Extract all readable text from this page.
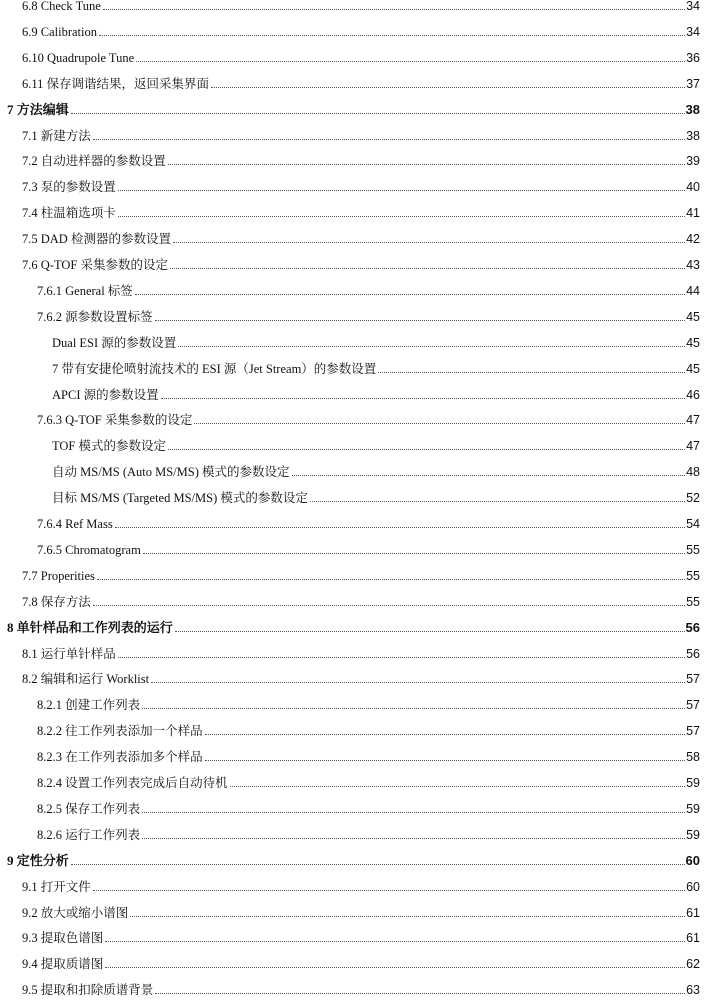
6.8 Check Tune	34
6.9 Calibration	34
6.10 Quadrupole Tune	36
6.11 保存调谐结果，返回采集界面	37
7 方法编辑	38
7.1 新建方法	38
7.2 自动进样器的参数设置	39
7.3 泵的参数设置	40
7.4 柱温箱选项卡	41
7.5 DAD 检测器的参数设置	42
7.6 Q-TOF 采集参数的设定	43
7.6.1 General 标签	44
7.6.2 源参数设置标签	45
Dual ESI 源的参数设置	45
7 带有安捷伦喷射流技术的 ESI 源（Jet Stream）的参数设置	45
APCI 源的参数设置	46
7.6.3 Q-TOF 采集参数的设定	47
TOF 模式的参数设定	47
自动 MS/MS (Auto MS/MS) 模式的参数设定	48
目标 MS/MS (Targeted MS/MS) 模式的参数设定	52
7.6.4 Ref Mass	54
7.6.5 Chromatogram	55
7.7 Properities	55
7.8 保存方法	55
8 单针样品和工作列表的运行	56
8.1 运行单针样品	56
8.2 编辑和运行 Worklist	57
8.2.1 创建工作列表	57
8.2.2 往工作列表添加一个样品	57
8.2.3 在工作列表添加多个样品	58
8.2.4 设置工作列表完成后自动待机	59
8.2.5 保存工作列表	59
8.2.6 运行工作列表	59
9 定性分析	60
9.1 打开文件	60
9.2 放大或缩小谱图	61
9.3 提取色谱图	61
9.4 提取质谱图	62
9.5 提取和扣除质谱背景	63
